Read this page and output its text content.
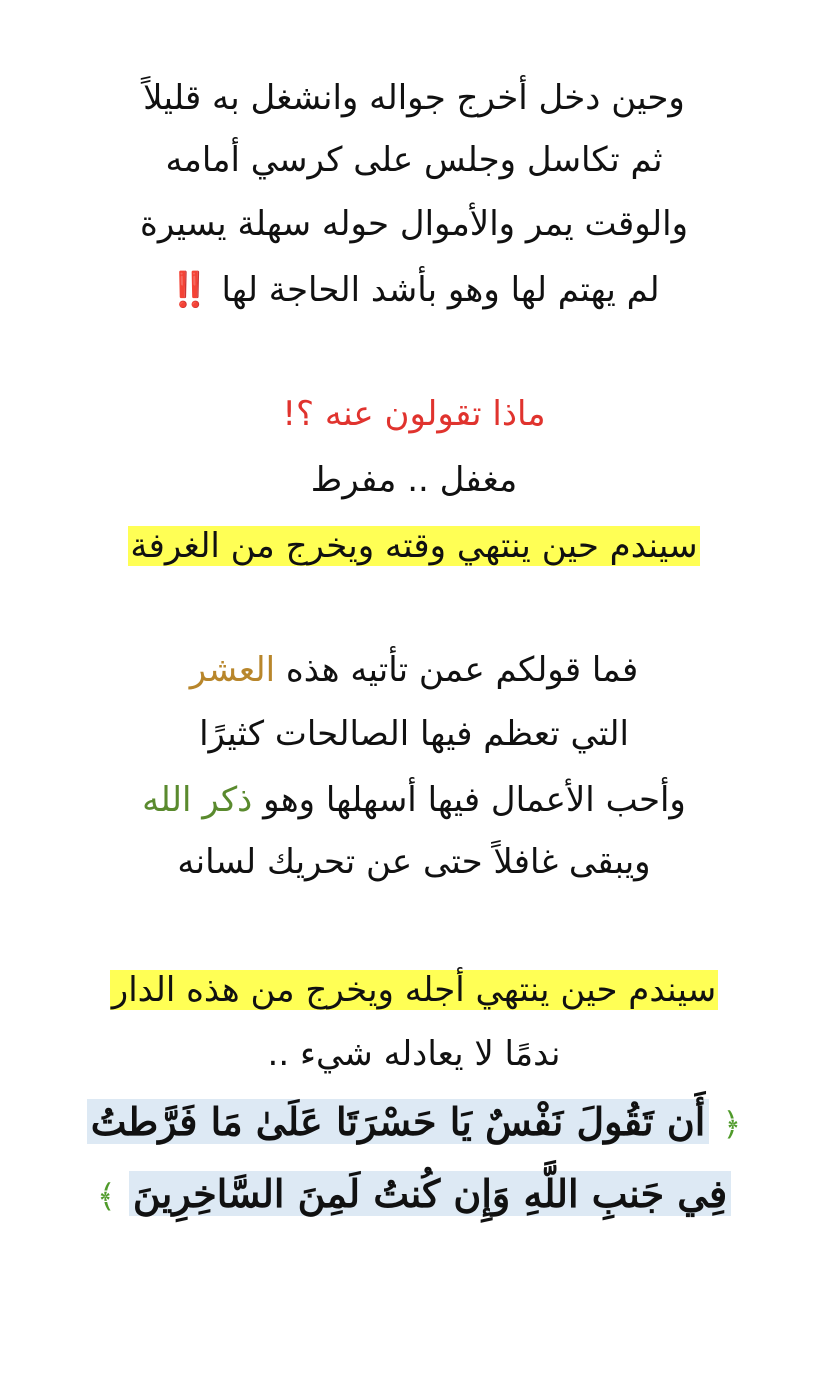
وحين دخل أخرج جواله وانشغل به قليلاً
ثم تكاسل وجلس على كرسي أمامه
والوقت يمر والأموال حوله سهلة يسيرة
لم يهتم لها وهو بأشد الحاجة لها ‼️
ماذا تقولون عنه ؟!
مغفل .. مفرط
سيندم حين ينتهي وقته ويخرج من الغرفة
فما قولكم عمن تأتيه هذه العشر
التي تعظم فيها الصالحات كثيرًا
وأحب الأعمال فيها أسهلها وهو ذكر الله
ويبقى غافلاً حتى عن تحريك لسانه
سيندم حين ينتهي أجله ويخرج من هذه الدار
ندمًا لا يعادله شيء ..
﴿ أَن تَقُولَ نَفْسٌ يَا حَسْرَتَا عَلَىٰ مَا فَرَّطتُ
فِي جَنبِ اللَّهِ وَإِن كُنتُ لَمِنَ السَّاخِرِينَ ﴾
